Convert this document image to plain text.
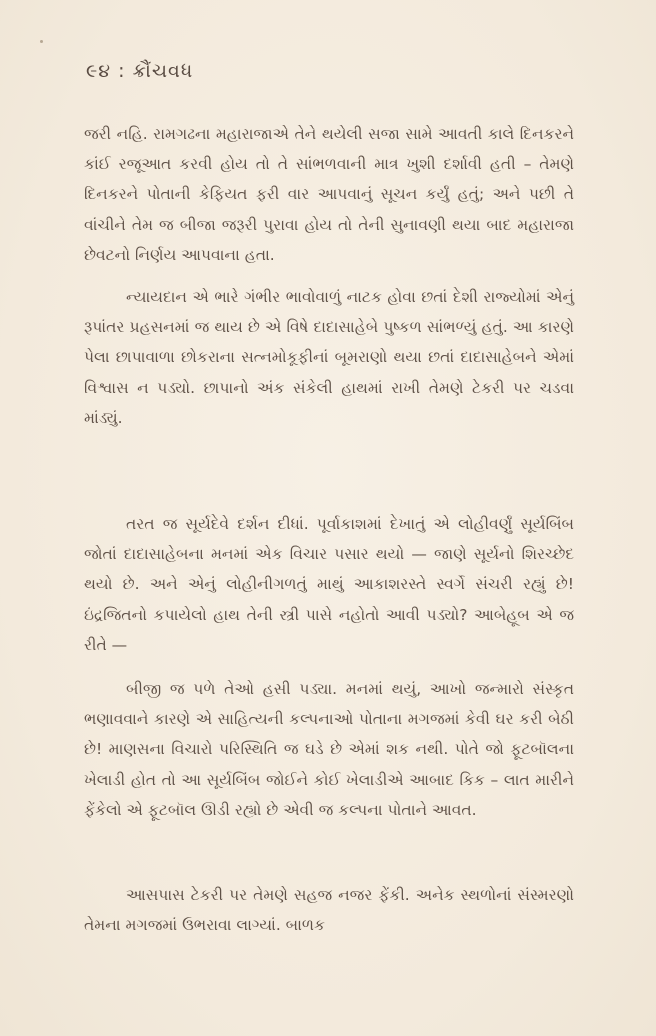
૯૪ : ક્રૌંચવધ

જરી નહિ. રામગઢના મહારાજાએ તેને થયેલી સજા સામે આવતી કાલે દિનકરને કાંઈ રજૂઆત કરવી હોય તો તે સાંભળવાની માત્ર ખુશી દર્શાવી હતી – તેમણે દિનકરને પોતાની કેફિયત ફરી વાર આપવાનું સૂચન કર્યું હતું; અને પછી તે વાંચીને તેમ જ બીજા જરૂરી પુરાવા હોય તો તેની સુનાવણી થયા બાદ મહારાજા છેવટનો નિર્ણય આપવાના હતા.

ન્યાયદાન એ ભારે ગંભીર ભાવોવાળું નાટક હોવા છતાં દેશી રાજ્યોમાં એનું રૂપાંતર પ્રહસનમાં જ થાય છે એ વિષે દાદાસાહેબે પુષ્કળ સાંભળ્યું હતું. આ કારણે પેલા છાપાવાળા છોકરાના સત્નમોકૂફીનાં બૂમરાણો થયા છતાં દાદાસાહેબને એમાં વિશ્વાસ ન પડ્યો. છાપાનો અંક સંકેલી હાથમાં રાખી તેમણે ટેકરી પર ચડવા માંડ્યું.

તરત જ સૂર્યદેવે દર્શન દીધાં. પૂર્વાકાશમાં દેખાતું એ લોહીવર્ણું સૂર્યબિંબ જોતાં દાદાસાહેબના મનમાં એક વિચાર પસાર થયો — જાણે સૂર્યનો શિરચ્છેદ થયો છે. અને એનું લોહીનીગળતું માથું આકાશરસ્તે સ્વર્ગે સંચરી રહ્યું છે! ઇંદ્રજિતનો કપાયેલો હાથ તેની સ્ત્રી પાસે નહોતો આવી પડ્યો? આબેહૂબ એ જ રીતે —

બીજી જ પળે તેઓ હસી પડ્યા. મનમાં થયું, આખો જન્મારો સંસ્કૃત ભણાવવાને કારણે એ સાહિત્યની કલ્પનાઓ પોતાના મગજમાં કેવી ઘર કરી બેઠી છે! માણસના વિચારો પરિસ્થિતિ જ ઘડે છે એમાં શક નથી. પોતે જો ફૂટબૉલના ખેલાડી હોત તો આ સૂર્યબિંબ જોઈને કોઈ ખેલાડીએ આબાદ કિક – લાત મારીને ફેંકેલો એ ફૂટબૉલ ઊડી રહ્યો છે એવી જ કલ્પના પોતાને આવત.

આસપાસ ટેકરી પર તેમણે સહજ નજર ફેંકી. અનેક સ્થળોનાં સંસ્મરણો તેમના મગજમાં ઉભરાવા લાગ્યાં. બાળક
